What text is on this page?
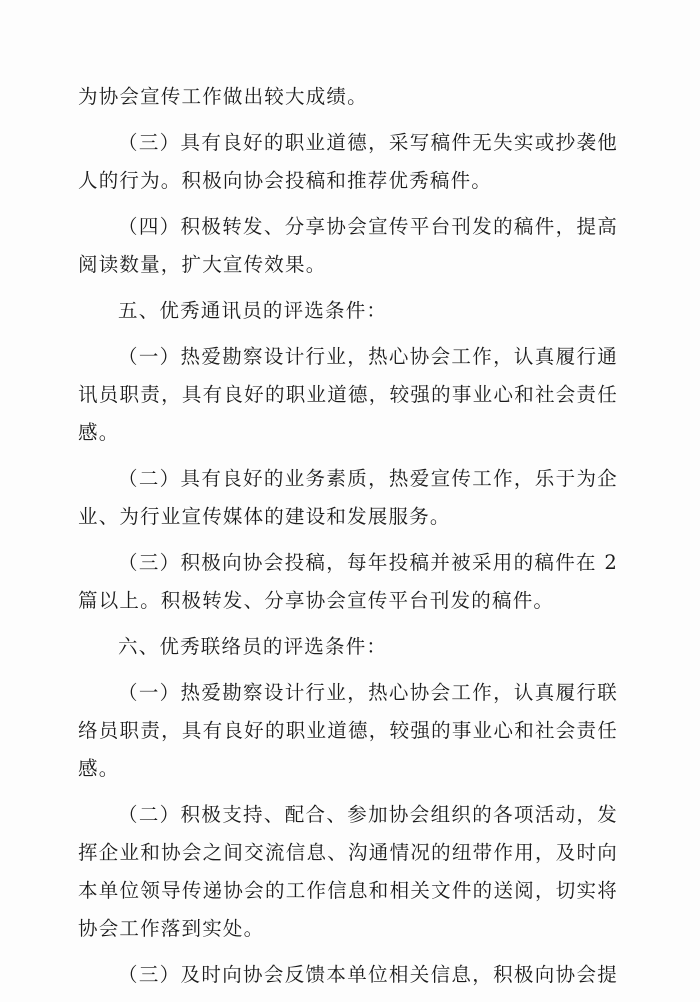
为协会宣传工作做出较大成绩。
（三）具有良好的职业道德，采写稿件无失实或抄袭他
人的行为。积极向协会投稿和推荐优秀稿件。
（四）积极转发、分享协会宣传平台刊发的稿件，提高
阅读数量，扩大宣传效果。
五、优秀通讯员的评选条件：
（一）热爱勘察设计行业，热心协会工作，认真履行通
讯员职责，具有良好的职业道德，较强的事业心和社会责任
感。
（二）具有良好的业务素质，热爱宣传工作，乐于为企
业、为行业宣传媒体的建设和发展服务。
（三）积极向协会投稿，每年投稿并被采用的稿件在 2
篇以上。积极转发、分享协会宣传平台刊发的稿件。
六、优秀联络员的评选条件：
（一）热爱勘察设计行业，热心协会工作，认真履行联
络员职责，具有良好的职业道德，较强的事业心和社会责任
感。
（二）积极支持、配合、参加协会组织的各项活动，发
挥企业和协会之间交流信息、沟通情况的纽带作用，及时向
本单位领导传递协会的工作信息和相关文件的送阅，切实将
协会工作落到实处。
（三）及时向协会反馈本单位相关信息，积极向协会提
